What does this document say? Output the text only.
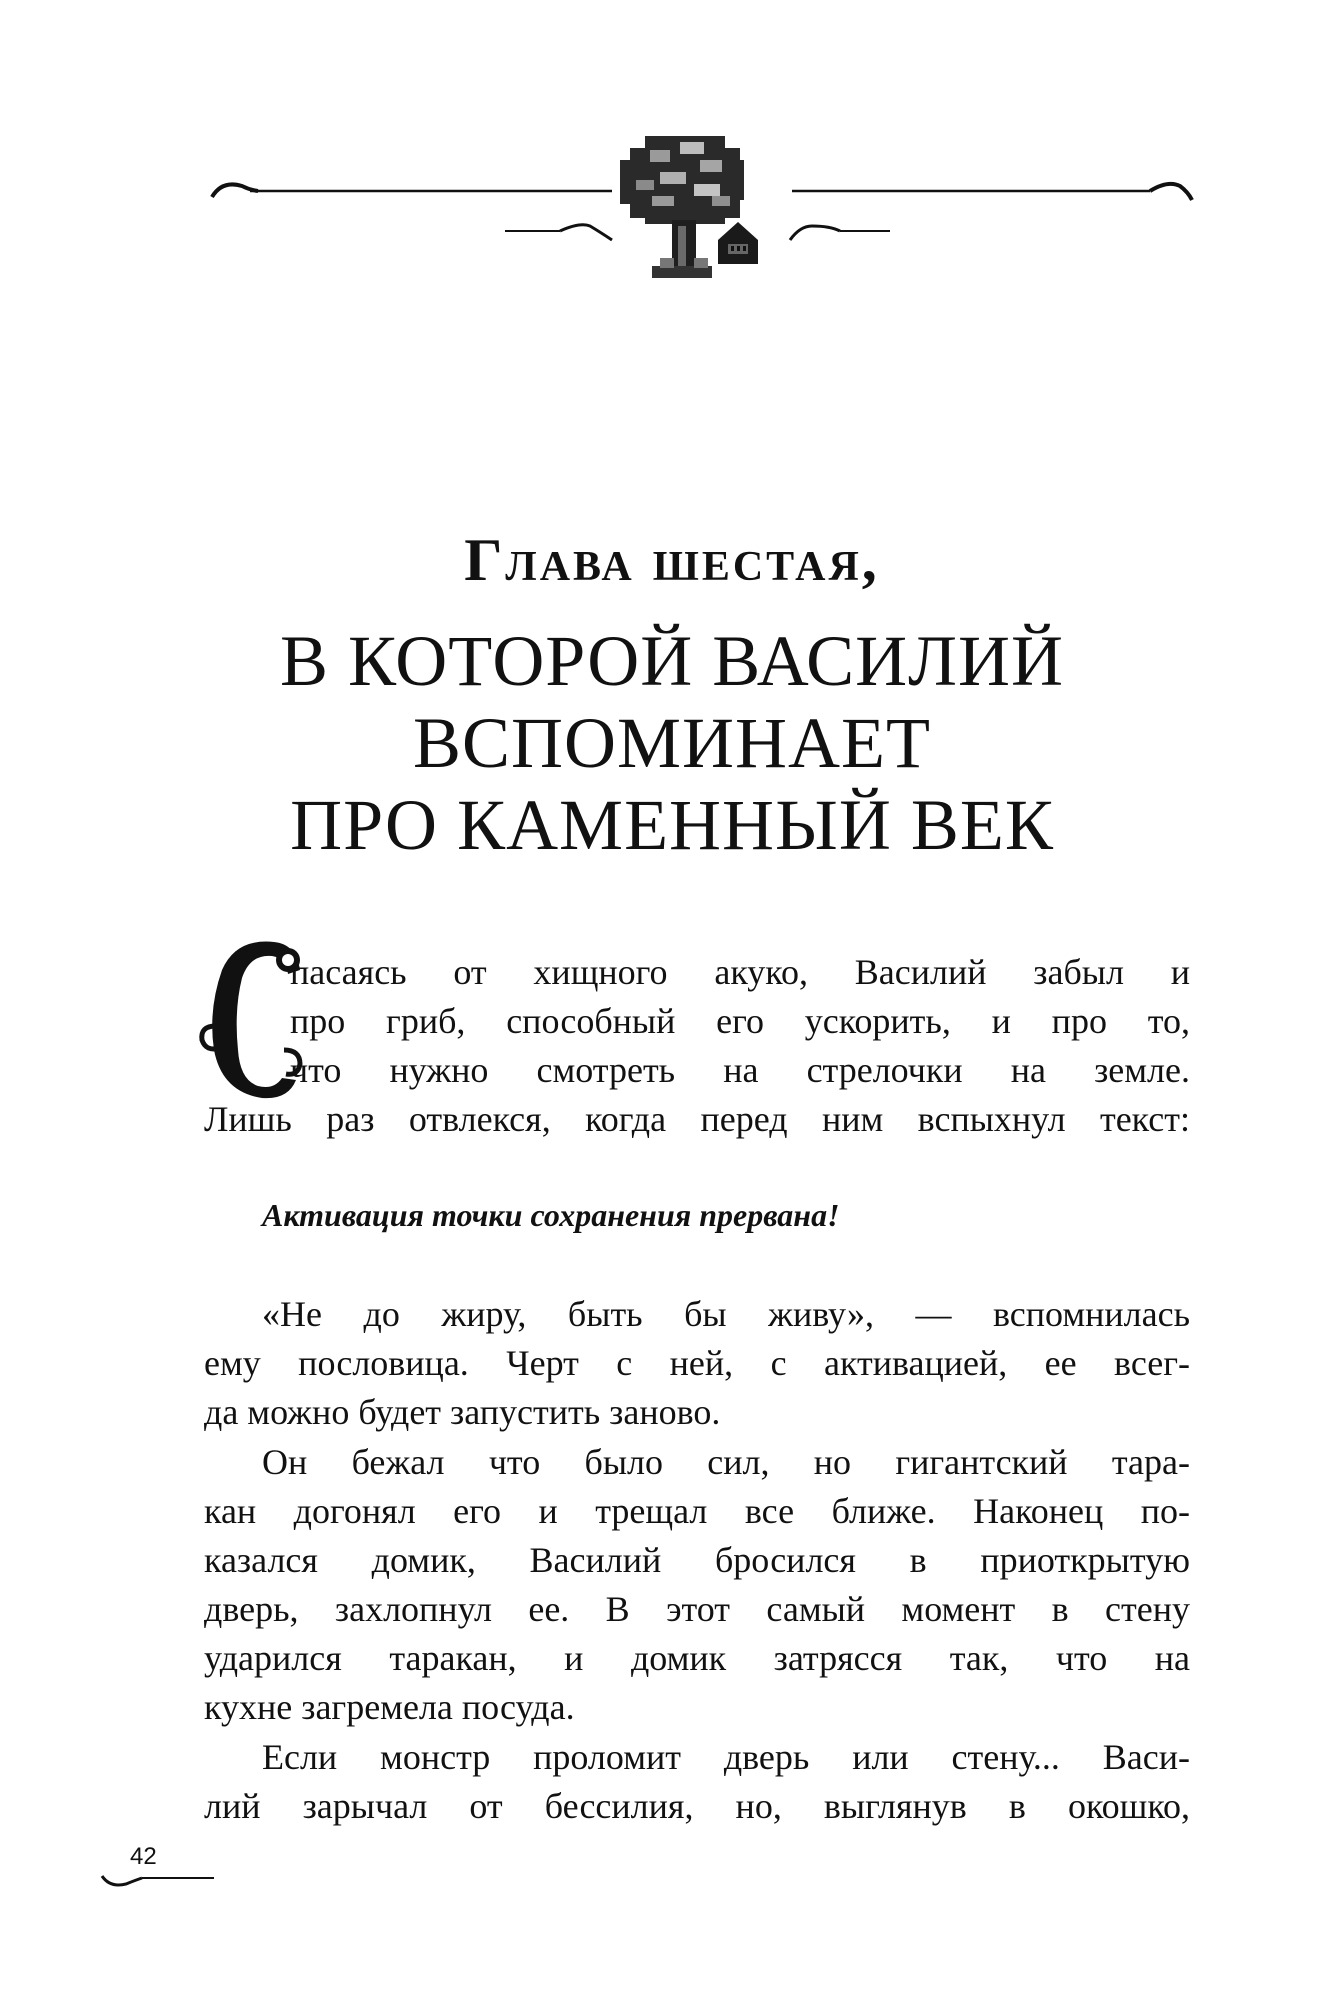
Глава шестая,
В КОТОРОЙ ВАСИЛИЙ
ВСПОМИНАЕТ
ПРО КАМЕННЫЙ ВЕК
С

пасаясь от хищного акуко, Василий забыл и
про гриб, способный его ускорить, и про то,
что нужно смотреть на стрелочки на земле.
Лишь раз отвлекся, когда перед ним вспыхнул текст:

Активация точки сохранения прервана!

«Не до жиру, быть бы живу», — вспомнилась
ему пословица. Черт с ней, с активацией, ее всег-
да можно будет запустить заново.

Он бежал что было сил, но гигантский тара-
кан догонял его и трещал все ближе. Наконец по-
казался домик, Василий бросился в приоткрытую
дверь, захлопнул ее. В этот самый момент в стену
ударился таракан, и домик затрясся так, что на
кухне загремела посуда.

Если монстр проломит дверь или стену... Васи-
лий зарычал от бессилия, но, выглянув в окошко,

42
